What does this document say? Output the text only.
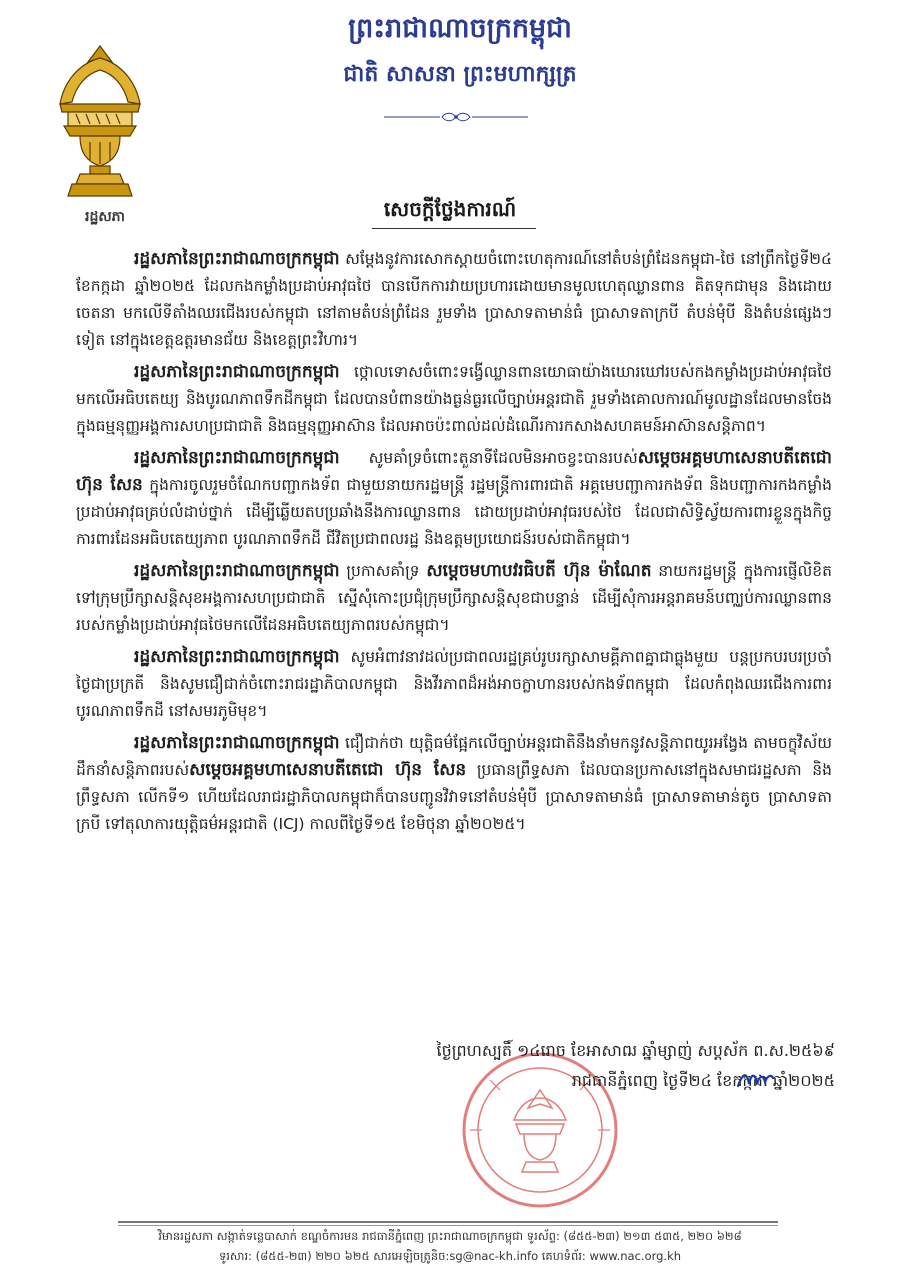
រដ្ឋសភា
ព្រះរាជាណាចក្រកម្ពុជា
ជាតិ សាសនា ព្រះមហាក្សត្រ
សេចក្តីថ្លែងការណ៍

រដ្ឋសភានៃព្រះរាជាណាចក្រកម្ពុជា សម្តែងនូវការសោកស្តាយចំពោះហេតុការណ៍នៅតំបន់ព្រំដែនកម្ពុជា-ថៃ នៅព្រឹកថ្ងៃទី២៤ ខែកក្កដា ឆ្នាំ២០២៥ ដែលកងកម្លាំងប្រដាប់អាវុធថៃ បានបើកការវាយប្រហារដោយមានមូលហេតុឈ្លានពាន គិតទុកជាមុន និងដោយចេតនា មកលើទីតាំងឈរជើងរបស់កម្ពុជា នៅតាមតំបន់ព្រំដែន រួមទាំង ប្រាសាទតាមាន់ធំ ប្រាសាទតាក្របី តំបន់មុំបី និងតំបន់ផ្សេងៗទៀត នៅក្នុងខេត្តឧត្តរមានជ័យ និងខេត្តព្រះវិហារ។

រដ្ឋសភានៃព្រះរាជាណាចក្រកម្ពុជា ថ្កោលទោសចំពោះទង្វើឈ្លានពានយោធាយ៉ាងឃោរឃៅរបស់កងកម្លាំងប្រដាប់អាវុធថៃ មកលើអធិបតេយ្យ និងបូរណភាពទឹកដីកម្ពុជា ដែលបានបំពានយ៉ាងធ្ងន់ធ្ងរលើច្បាប់អន្តរជាតិ រួមទាំងគោលការណ៍មូលដ្ឋានដែលមានចែងក្នុងធម្មនុញ្ញអង្គការសហប្រជាជាតិ និងធម្មនុញ្ញអាស៊ាន ដែលអាចប៉ះពាល់ដល់ដំណើរការកសាងសហគមន៍អាស៊ានសន្តិភាព។

រដ្ឋសភានៃព្រះរាជាណាចក្រកម្ពុជា សូមគាំទ្រចំពោះតួនាទីដែលមិនអាចខ្វះបានរបស់សម្តេចអគ្គមហាសេនាបតីតេជោ ហ៊ុន សែន ក្នុងការចូលរួមចំណែកបញ្ជាកងទ័ព ជាមួយនាយករដ្ឋមន្ត្រី រដ្ឋមន្ត្រីការពារជាតិ អគ្គមេបញ្ជាការកងទ័ព និងបញ្ជាការកងកម្លាំងប្រដាប់អាវុធគ្រប់លំដាប់ថ្នាក់ ដើម្បីឆ្លើយតបប្រឆាំងនឹងការឈ្លានពាន ដោយប្រដាប់អាវុធរបស់ថៃ ដែលជាសិទ្ធិស្វ័យការពារខ្លួនក្នុងកិច្ចការពារដែនអធិបតេយ្យភាព បូរណភាពទឹកដី ជីវិតប្រជាពលរដ្ឋ និងឧត្តមប្រយោជន៍របស់ជាតិកម្ពុជា។

រដ្ឋសភានៃព្រះរាជាណាចក្រកម្ពុជា ប្រកាសគាំទ្រ សម្តេចមហាបវរធិបតី ហ៊ុន ម៉ាណែត នាយករដ្ឋមន្ត្រី ក្នុងការផ្ញើលិខិតទៅក្រុមប្រឹក្សាសន្តិសុខអង្គការសហប្រជាជាតិ ស្នើសុំកោះប្រជុំក្រុមប្រឹក្សាសន្តិសុខជាបន្ទាន់ ដើម្បីសុំការអន្តរាគមន៍បញ្ឈប់ការឈ្លានពានរបស់កម្លាំងប្រដាប់អាវុធថៃមកលើដែនអធិបតេយ្យភាពរបស់កម្ពុជា។

រដ្ឋសភានៃព្រះរាជាណាចក្រកម្ពុជា សូមអំពាវនាវដល់ប្រជាពលរដ្ឋគ្រប់រូបរក្សាសាមគ្គីភាពគ្នាជាធ្លុងមួយ បន្តប្រកបរបរប្រចាំថ្ងៃជាប្រក្រតី និងសូមជឿជាក់ចំពោះរាជរដ្ឋាភិបាលកម្ពុជា និងវីរភាពដ៏អង់អាចក្លាហានរបស់កងទ័ពកម្ពុជា ដែលកំពុងឈរជើងការពារបូរណភាពទឹកដី នៅសមរភូមិមុខ។

រដ្ឋសភានៃព្រះរាជាណាចក្រកម្ពុជា ជឿជាក់ថា យុត្តិធម៌ផ្អែកលើច្បាប់អន្តរជាតិនឹងនាំមកនូវសន្តិភាពយូរអង្វែង តាមចក្ខុវិស័យដឹកនាំសន្តិភាពរបស់សម្តេចអគ្គមហាសេនាបតីតេជោ ហ៊ុន សែន ប្រធានព្រឹទ្ធសភា ដែលបានប្រកាសនៅក្នុងសមាជរដ្ឋសភា និងព្រឹទ្ធសភា លើកទី១ ហើយដែលរាជរដ្ឋាភិបាលកម្ពុជាក៏បានបញ្ជូនវិវាទនៅតំបន់មុំបី ប្រាសាទតាមាន់ធំ ប្រាសាទតាមាន់តូច ប្រាសាទតាក្របី ទៅតុលាការយុត្តិធម៌អន្តរជាតិ (ICJ) កាលពីថ្ងៃទី១៥ ខែមិថុនា ឆ្នាំ២០២៥។

ថ្ងៃព្រហស្បតិ៍ ១៤រោច ខែអាសាឍ ឆ្នាំម្សាញ់ សប្តស័ក ព.ស.២៥៦៩
រាជធានីភ្នំពេញ ថ្ងៃទី២៤ ខែកក្កដា ឆ្នាំ២០២៥
វិមានរដ្ឋសភា សង្កាត់ទន្លេបាសាក់ ខណ្ឌចំការមន រាជធានីភ្នំពេញ ព្រះរាជាណាចក្រកម្ពុជា ទូរស័ព្ទ: (៨៥៥-២៣) ២១៣ ៥៣៥, ២២០ ៦២៨
ទូរសារ: (៨៥៥-២៣) ២២០ ៦២៥ សារអេឡិចត្រូនិច:sg@nac-kh.info គេហទំព័រ: www.nac.org.kh
